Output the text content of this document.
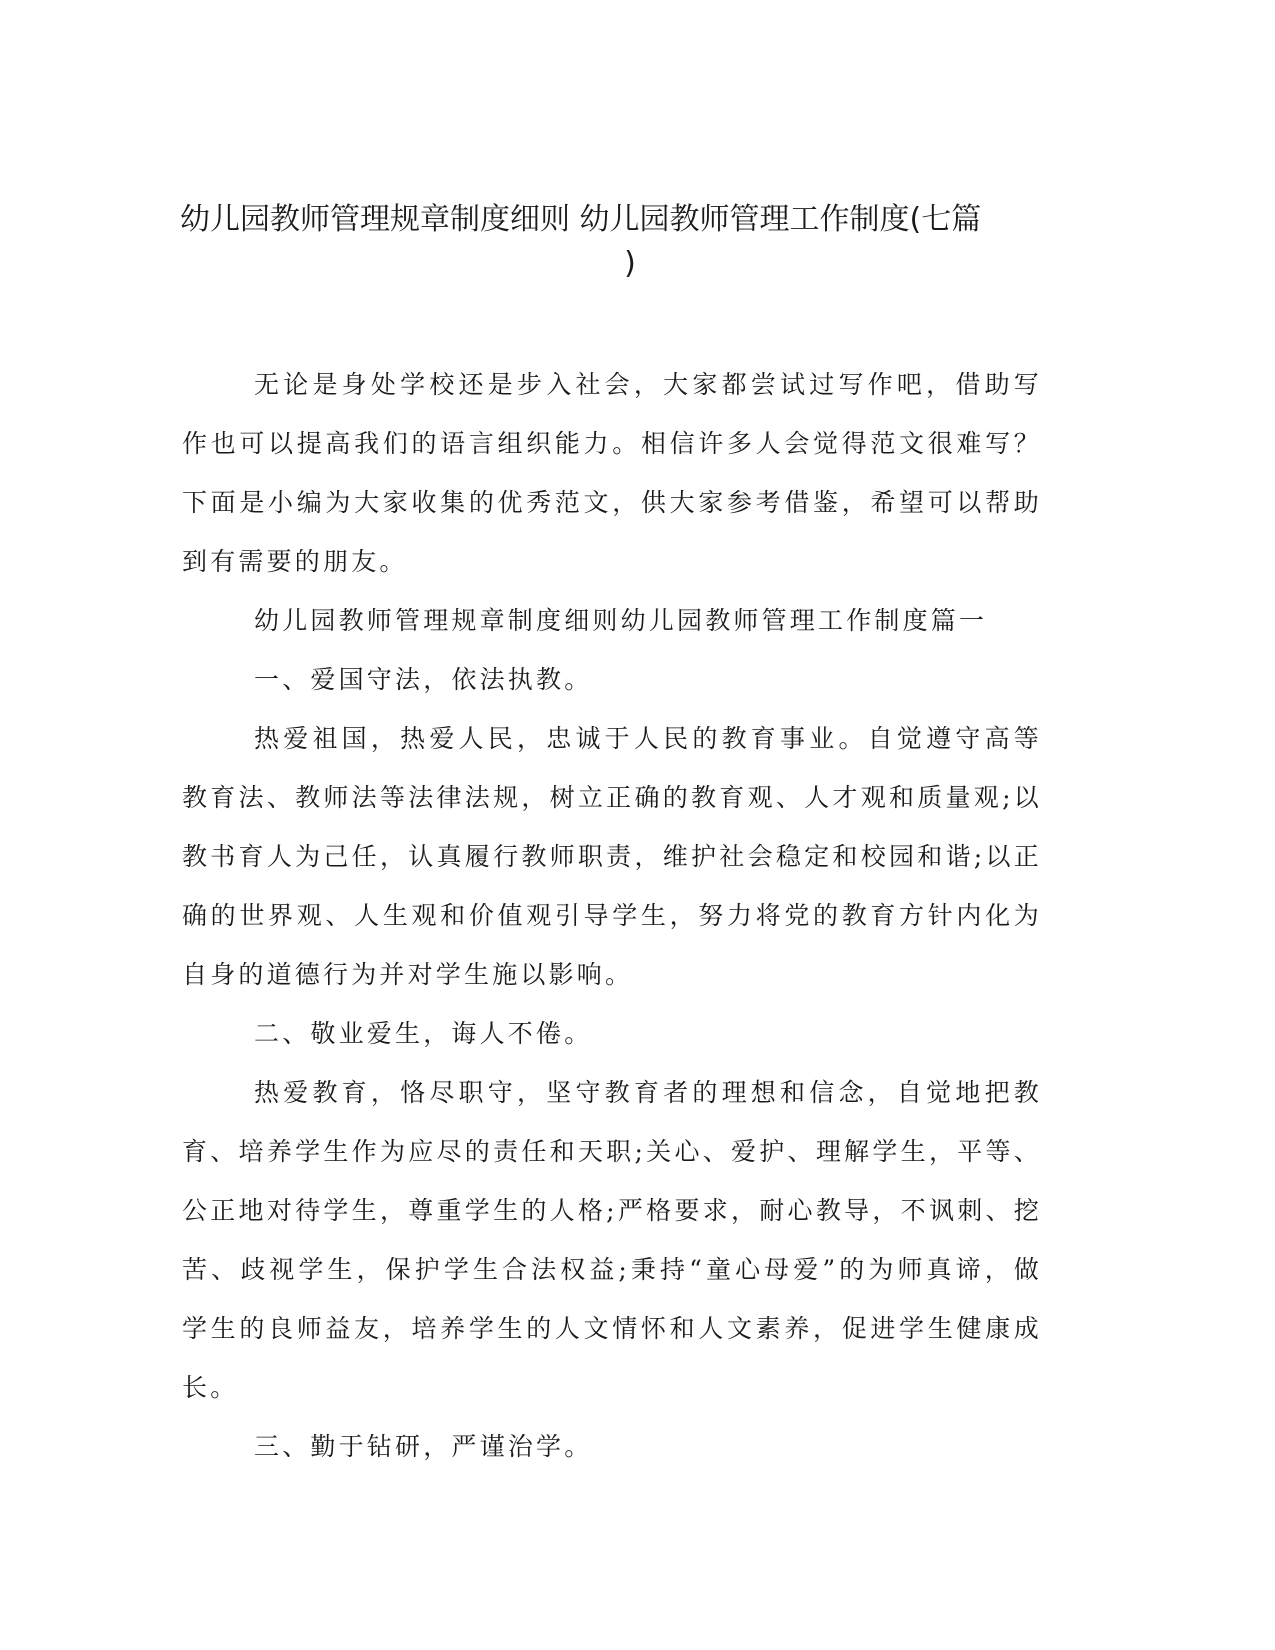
幼儿园教师管理规章制度细则 幼儿园教师管理工作制度(七篇
)

无论是身处学校还是步入社会，大家都尝试过写作吧，借助写作也可以提高我们的语言组织能力。相信许多人会觉得范文很难写？下面是小编为大家收集的优秀范文，供大家参考借鉴，希望可以帮助到有需要的朋友。

幼儿园教师管理规章制度细则幼儿园教师管理工作制度篇一

一、爱国守法，依法执教。

热爱祖国，热爱人民，忠诚于人民的教育事业。自觉遵守高等教育法、教师法等法律法规，树立正确的教育观、人才观和质量观;以教书育人为己任，认真履行教师职责，维护社会稳定和校园和谐;以正确的世界观、人生观和价值观引导学生，努力将党的教育方针内化为自身的道德行为并对学生施以影响。

二、敬业爱生，诲人不倦。

热爱教育，恪尽职守，坚守教育者的理想和信念，自觉地把教育、培养学生作为应尽的责任和天职;关心、爱护、理解学生，平等、公正地对待学生，尊重学生的人格;严格要求，耐心教导，不讽刺、挖苦、歧视学生，保护学生合法权益;秉持“童心母爱”的为师真谛，做学生的良师益友，培养学生的人文情怀和人文素养，促进学生健康成长。

三、勤于钻研，严谨治学。
